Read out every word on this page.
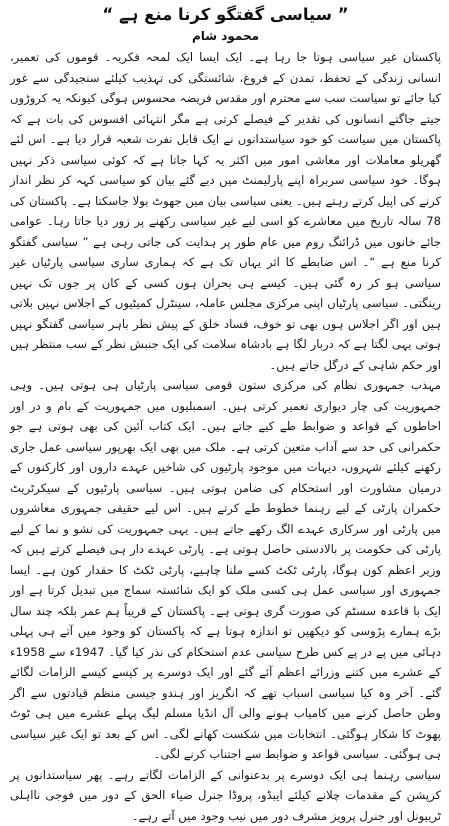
” سیاسی گفتگو کرنا منع ہے “
محمود شام

پاکستان غیر سیاسی ہوتا جا رہا ہے۔ ایک ایسا ایک لمحہ فکریہ۔ قوموں کی تعمیر، انسانی زندگی کے تحفظ، تمدن کے فروغ، شائستگی کی تہذیب کیلئے سنجیدگی سے غور کیا جائے تو سیاست سب سے محترم اور مقدس فریضہ محسوس ہوگی کیونکہ یہ کروڑوں جیتے جاگتے انسانوں کی تقدیر کے فیصلے کرتی ہے مگر انتہائی افسوس کی بات ہے کہ پاکستان میں سیاست کو خود سیاستدانوں نے ایک قابل نفرت شعبہ قرار دیا ہے۔ اس لئے گھریلو معاملات اور معاشی امور میں اکثر یہ کہا جاتا ہے کہ کوئی سیاسی ذکر نہیں ہوگا۔ خود سیاسی سربراہ اپنے پارلیمنٹ میں دیے گئے بیان کو سیاسی کہہ کر نظر انداز کرنے کی اپیل کرتے رہتے ہیں۔ یعنی سیاسی بیان میں جھوٹ بولا جاسکتا ہے۔ پاکستان کی 78 سالہ تاریخ میں معاشرے کو اسی لیے غیر سیاسی رکھنے پر زور دیا جاتا رہا۔ عوامی جائے خانوں میں ڈرائنگ روم میں عام طور پر ہدایت کی جاتی رہی ہے ” سیاسی گفتگو کرنا منع ہے “۔ اس ضابطے کا اثر یہاں تک ہے کہ ہماری ساری سیاسی پارٹیاں غیر سیاسی ہو کر رہ گئی ہیں۔ کیسے ہی بحران ہوں کسی کے کان پر جوں تک نہیں رینگتی۔ سیاسی پارٹیاں اپنی مرکزی مجلس عاملہ، سینٹرل کمیٹیوں کے اجلاس نہیں بلاتی ہیں اور اگر اجلاس ہوں بھی تو خوف، فساد خلق کے پیش نظر باہر سیاسی گفتگو نہیں ہوتی یہی لگتا ہے کہ دربار لگا ہے بادشاہ سلامت کی ایک جنبش نظر کے سب منتظر ہیں اور حکم شاہی کے درگل جاتے ہیں۔

مہذب جمہوری نظام کی مرکزی ستون قومی سیاسی پارٹیاں ہی ہوتی ہیں۔ وہی جمہوریت کی چار دیواری تعمیر کرتی ہیں۔ اسمبلیوں میں جمہوریت کے بام و در اور احاطوں کے قواعد و ضوابط طے کیے جاتے ہیں۔ ایک کتاب آئین کی بھی ہوتی ہے جو حکمرانی کی حد سے آداب متعین کرتی ہے۔ ملک میں بھی ایک بھرپور سیاسی عمل جاری رکھنے کیلئے شہروں، دیہات میں موجود پارٹیوں کی شاخیں عہدے داروں اور کارکنوں کے درمیان مشاورت اور استحکام کی ضامن ہوتی ہیں۔ سیاسی پارٹیوں کے سیکرٹریٹ حکمران پارٹی کے لیے رہنما خطوط طے کرتے ہیں۔ اس لیے حقیقی جمہوری معاشروں میں پارٹی اور سرکاری عہدے الگ رکھے جاتے ہیں۔ یہی جمہوریت کی نشو و نما کے لیے پارٹی کی حکومت پر بالادستی حاصل ہوتی ہے۔ پارٹی عہدے دار ہی فیصلے کرتے ہیں کہ وزیر اعظم کون ہوگا، پارٹی ٹکٹ کسے ملنا چاہیے، پارٹی ٹکٹ کا حقدار کون ہے۔ ایسا جمہوری اور سیاسی عمل ہی کسی ملک کو ایک شائستہ سماج میں تبدیل کرتا ہے اور ایک با قاعدہ سسٹم کی صورت گری ہوتی ہے۔ پاکستان کے قریباً ہم عمر بلکہ چند سال بڑے ہمارے پڑوسی کو دیکھیں تو اندازہ ہوتا ہے کہ پاکستان کو وجود میں آتے ہی پہلی دہائی میں پے در پے کس طرح سیاسی عدم استحکام کی نذر کیا گیا۔ 1947ء سے 1958ء کے عشرے میں کتنے وزرائے اعظم آئے گئے اور ایک دوسرے پر کیسے کیسے الزامات لگائے گئے۔ آخر وہ کیا سیاسی اسباب تھے کہ انگریز اور ہندو جیسی منظم قیادتوں سے اگر وطن حاصل کرنے میں کامیاب ہونے والی آل انڈیا مسلم لیگ پہلے عشرے میں ہی ٹوٹ پھوٹ کا شکار ہوگئی۔ انتخابات میں شکست کھانے لگی۔ اس کے بعد تو ایک غیر سیاسی ہی ہوگئی۔ سیاسی قواعد و ضوابط سے اجتناب کرنے لگی۔

سیاسی رہنما ہی ایک دوسرے پر بدعنوانی کے الزامات لگاتے رہے۔ پھر سیاستدانوں پر کرپشن کے مقدمات چلانے کیلئے ایبڈو، پروڈا جنرل ضیاء الحق کے دور میں فوجی نااہلی ٹریبونل اور جنرل پرویز مشرف دور میں نیب وجود میں آتے رہے۔
